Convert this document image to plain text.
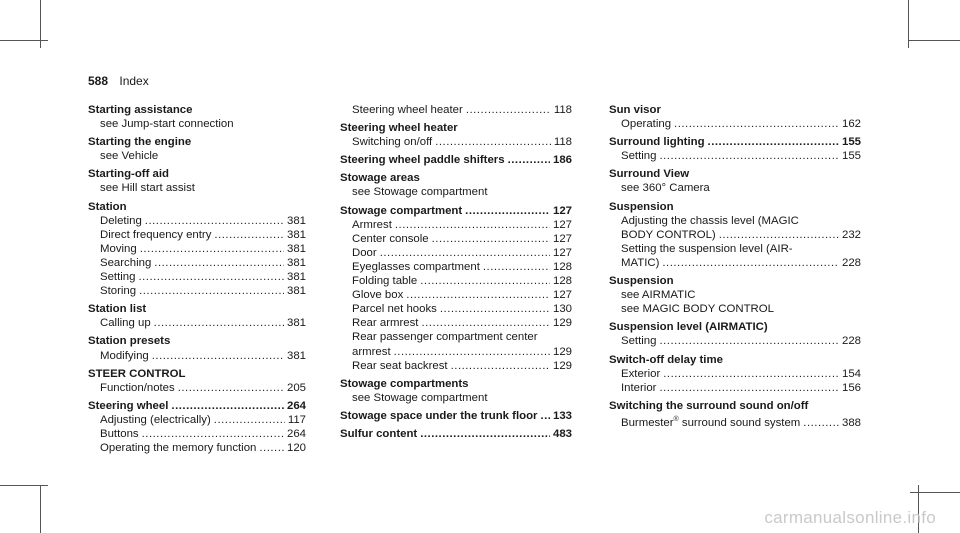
588 Index
Starting assistance
see Jump-start connection
Starting the engine
see Vehicle
Starting-off aid
see Hill start assist
Station
Deleting .....	381
Direct frequency entry .....	381
Moving .....	381
Searching .....	381
Setting .....	381
Storing .....	381
Station list
Calling up .....	381
Station presets
Modifying .....	381
STEER CONTROL
Function/notes .....	205
Steering wheel .....	264
Adjusting (electrically) .....	117
Buttons .....	264
Operating the memory function .....	120
Steering wheel heater .....	118
Steering wheel heater
Switching on/off .....	118
Steering wheel paddle shifters .....	186
Stowage areas
see Stowage compartment
Stowage compartment .....	127
Armrest .....	127
Center console .....	127
Door .....	127
Eyeglasses compartment .....	128
Folding table .....	128
Glove box .....	127
Parcel net hooks .....	130
Rear armrest .....	129
Rear passenger compartment center
armrest .....	129
Rear seat backrest .....	129
Stowage compartments
see Stowage compartment
Stowage space under the trunk floor ..... 133
Sulfur content .....	483
Sun visor
Operating .....	162
Surround lighting .....	155
Setting .....	155
Surround View
see 360° Camera
Suspension
Adjusting the chassis level (MAGIC
BODY CONTROL) .....	232
Setting the suspension level (AIR-
MATIC) .....	228
Suspension
see AIRMATIC
see MAGIC BODY CONTROL
Suspension level (AIRMATIC)
Setting .....	228
Switch-off delay time
Exterior .....	154
Interior .....	156
Switching the surround sound on/off
Burmester® surround sound system .....	388
carmanualsonline.info
